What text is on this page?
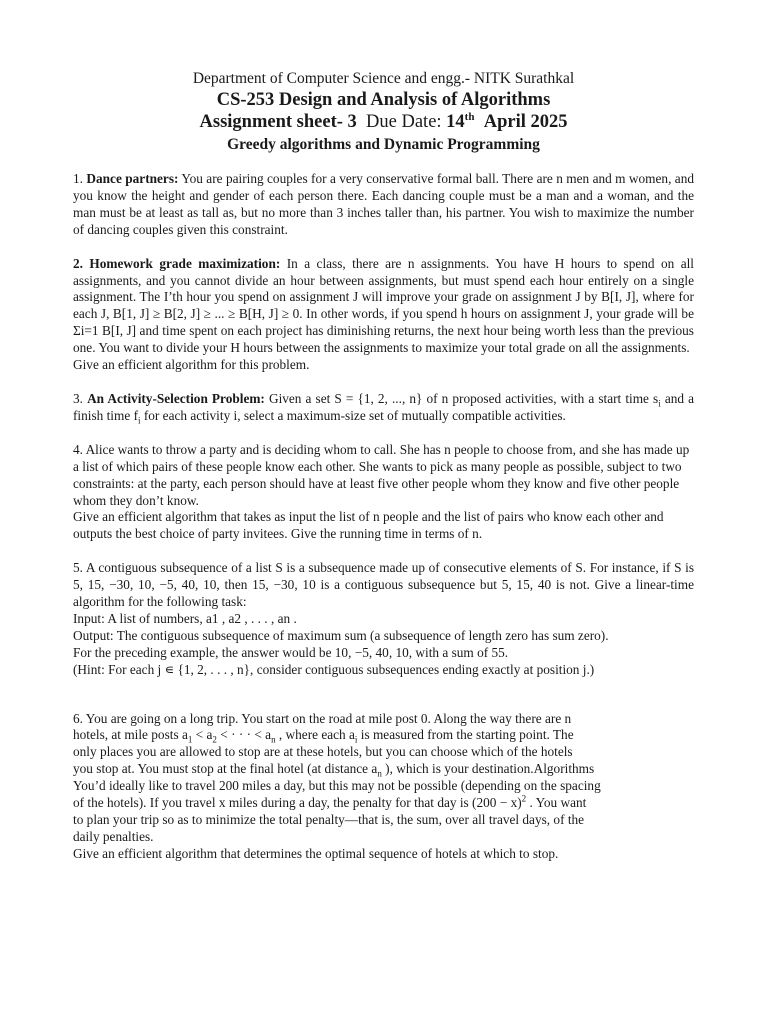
Department of Computer Science and engg.- NITK Surathkal
CS-253 Design and Analysis of Algorithms
Assignment sheet- 3 Due Date: 14th April 2025
Greedy algorithms and Dynamic Programming

1. Dance partners: You are pairing couples for a very conservative formal ball. There are n men and m women, and you know the height and gender of each person there. Each dancing couple must be a man and a woman, and the man must be at least as tall as, but no more than 3 inches taller than, his partner. You wish to maximize the number of dancing couples given this constraint.

2. Homework grade maximization: In a class, there are n assignments. You have H hours to spend on all assignments, and you cannot divide an hour between assignments, but must spend each hour entirely on a single assignment. The I’th hour you spend on assignment J will improve your grade on assignment J by B[I, J], where for each J, B[1, J] ≥ B[2, J] ≥ ... ≥ B[H, J] ≥ 0. In other words, if you spend h hours on assignment J, your grade will be Σi=1 B[I, J] and time spent on each project has diminishing returns, the next hour being worth less than the previous one. You want to divide your H hours between the assignments to maximize your total grade on all the assignments.

Give an efficient algorithm for this problem.

3. An Activity-Selection Problem: Given a set S = {1, 2, ..., n} of n proposed activities, with a start time $s_i$ and a finish time $f_i$ for each activity i, select a maximum-size set of mutually compatible activities.

4. Alice wants to throw a party and is deciding whom to call. She has n people to choose from, and she has made up a list of which pairs of these people know each other. She wants to pick as many people as possible, subject to two constraints: at the party, each person should have at least five other people whom they know and five other people whom they don’t know.

Give an efficient algorithm that takes as input the list of n people and the list of pairs who know each other and outputs the best choice of party invitees. Give the running time in terms of n.

5. A contiguous subsequence of a list S is a subsequence made up of consecutive elements of S. For instance, if S is 5, 15, −30, 10, −5, 40, 10, then 15, −30, 10 is a contiguous subsequence but 5, 15, 40 is not. Give a linear-time algorithm for the following task:

Input: A list of numbers, a1 , a2 , . . . , an .

Output: The contiguous subsequence of maximum sum (a subsequence of length zero has sum zero).

For the preceding example, the answer would be 10, −5, 40, 10, with a sum of 55.

(Hint: For each j ∊ {1, 2, . . . , n}, consider contiguous subsequences ending exactly at position j.)

6. You are going on a long trip. You start on the road at mile post 0. Along the way there are n

hotels, at mile posts $a_1 < a_2$ < · · · < $a_n$ , where each $a_i$ is measured from the starting point. The

only places you are allowed to stop are at these hotels, but you can choose which of the hotels

you stop at. You must stop at the final hotel (at distance $a_n$ ), which is your destination.Algorithms

You’d ideally like to travel 200 miles a day, but this may not be possible (depending on the spacing

of the hotels). If you travel x miles during a day, the penalty for that day is $(200 - x)^2$ . You want

to plan your trip so as to minimize the total penalty—that is, the sum, over all travel days, of the

daily penalties.

Give an efficient algorithm that determines the optimal sequence of hotels at which to stop.
